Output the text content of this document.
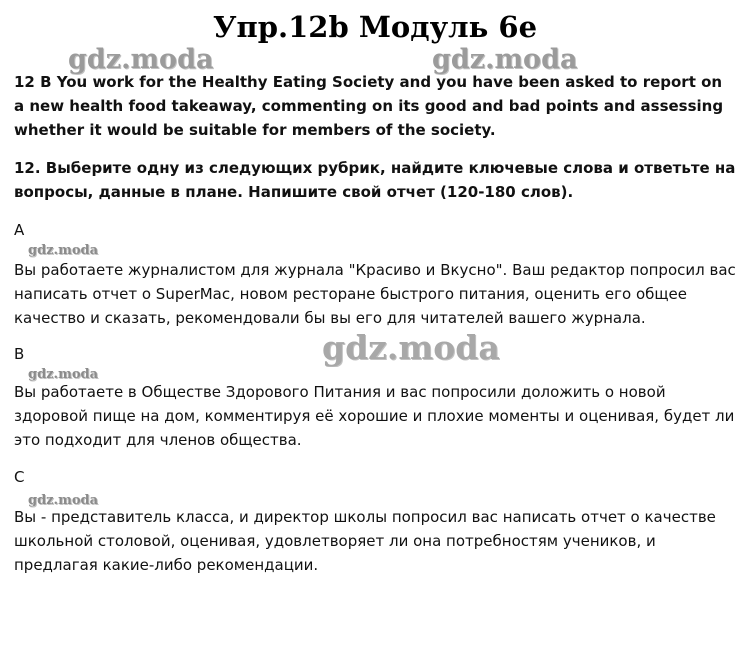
Упр.12b Модуль 6е
gdz.moda	gdz.moda

12 B You work for the Healthy Eating Society and you have been asked to report on a new health food takeaway, commenting on its good and bad points and assessing whether it would be suitable for members of the society.

12. Выберите одну из следующих рубрик, найдите ключевые слова и ответьте на вопросы, данные в плане. Напишите свой отчет (120-180 слов).

A

gdz.moda

Вы работаете журналистом для журнала "Красиво и Вкусно". Ваш редактор попросил вас написать отчет о SuperMac, новом ресторане быстрого питания, оценить его общее качество и сказать, рекомендовали бы вы его для читателей вашего журнала.

B	gdz.moda
gdz.moda

Вы работаете в Обществе Здорового Питания и вас попросили доложить о новой здоровой пище на дом, комментируя её хорошие и плохие моменты и оценивая, будет ли это подходит для членов общества.

C

gdz.moda

Вы - представитель класса, и директор школы попросил вас написать отчет о качестве школьной столовой, оценивая, удовлетворяет ли она потребностям учеников, и предлагая какие-либо рекомендации.
